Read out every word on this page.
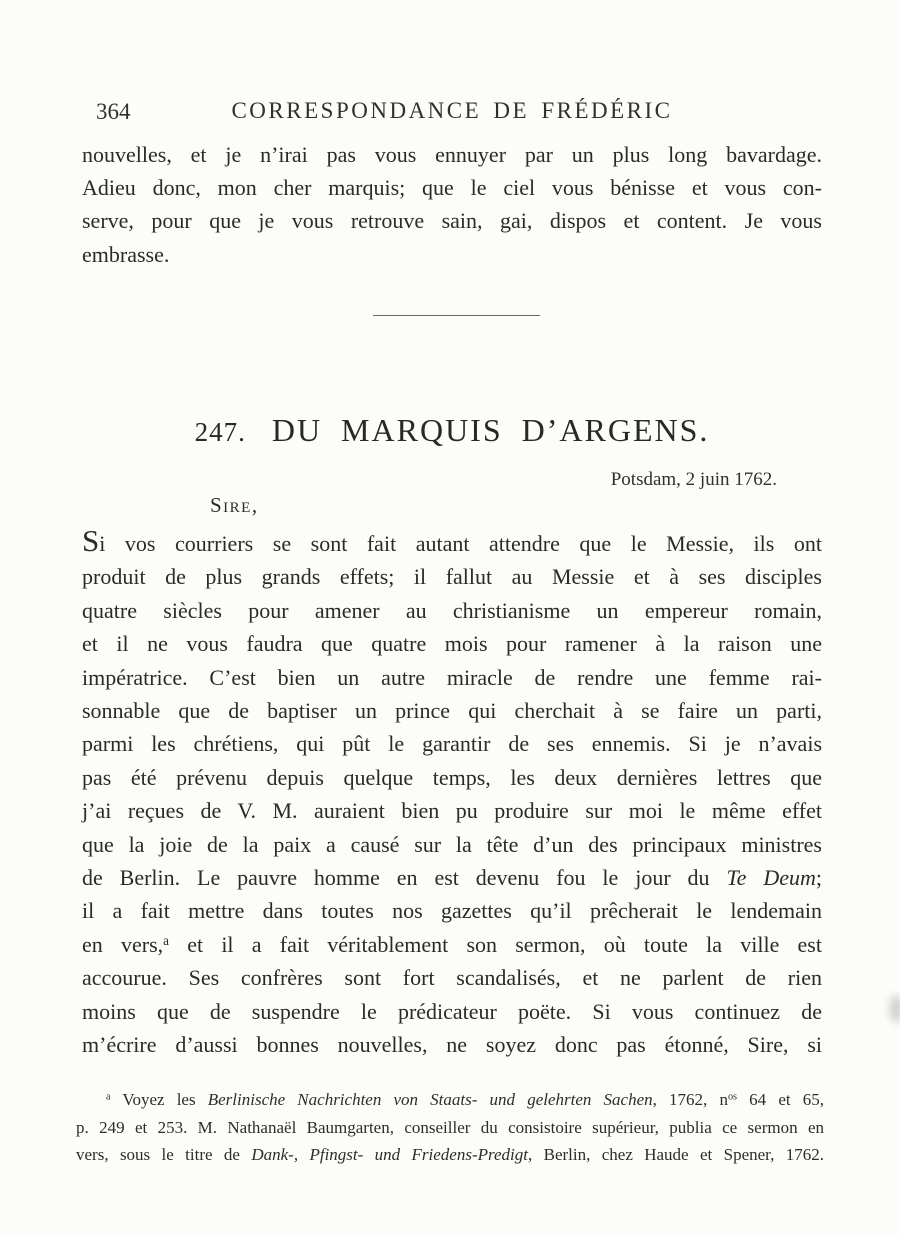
364	CORRESPONDANCE DE FRÉDÉRIC
nouvelles, et je n’irai pas vous ennuyer par un plus long bavardage.
Adieu donc, mon cher marquis; que le ciel vous bénisse et vous con-
serve, pour que je vous retrouve sain, gai, dispos et content. Je vous
embrasse.
247. DU MARQUIS D’ARGENS.
Potsdam, 2 juin 1762.
Sire,
Si vos courriers se sont fait autant attendre que le Messie, ils ont
produit de plus grands effets; il fallut au Messie et à ses disciples
quatre siècles pour amener au christianisme un empereur romain,
et il ne vous faudra que quatre mois pour ramener à la raison une
impératrice. C’est bien un autre miracle de rendre une femme rai-
sonnable que de baptiser un prince qui cherchait à se faire un parti,
parmi les chrétiens, qui pût le garantir de ses ennemis. Si je n’avais
pas été prévenu depuis quelque temps, les deux dernières lettres que
j’ai reçues de V. M. auraient bien pu produire sur moi le même effet
que la joie de la paix a causé sur la tête d’un des principaux ministres
de Berlin. Le pauvre homme en est devenu fou le jour du Te Deum;
il a fait mettre dans toutes nos gazettes qu’il prêcherait le lendemain
en vers,$^a$ et il a fait véritablement son sermon, où toute la ville est
accourue. Ses confrères sont fort scandalisés, et ne parlent de rien
moins que de suspendre le prédicateur poëte. Si vous continuez de
m’écrire d’aussi bonnes nouvelles, ne soyez donc pas étonné, Sire, si
$^a$ Voyez les Berlinische Nachrichten von Staats- und gelehrten Sachen, 1762, $n^{os}$ 64 et 65,
p. 249 et 253. M. Nathanaël Baumgarten, conseiller du consistoire supérieur, publia ce sermon en
vers, sous le titre de Dank-, Pfingst- und Friedens-Predigt, Berlin, chez Haude et Spener, 1762.
